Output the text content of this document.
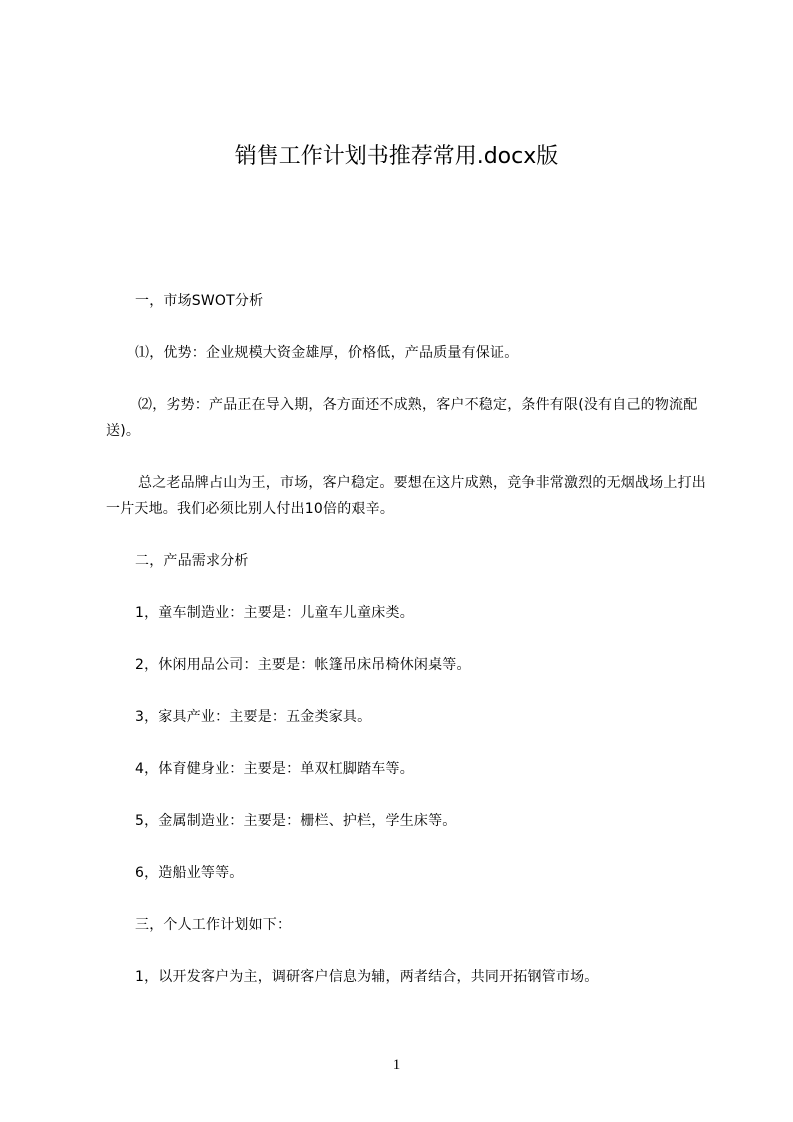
销售工作计划书推荐常用.docx版

一，市场SWOT分析

⑴，优势：企业规模大资金雄厚，价格低，产品质量有保证。

⑵，劣势：产品正在导入期，各方面还不成熟，客户不稳定，条件有限(没有自己的物流配送)。

总之老品牌占山为王，市场，客户稳定。要想在这片成熟，竞争非常激烈的无烟战场上打出一片天地。我们必须比别人付出10倍的艰辛。

二，产品需求分析

1，童车制造业：主要是：儿童车儿童床类。

2，休闲用品公司：主要是：帐篷吊床吊椅休闲桌等。

3，家具产业：主要是：五金类家具。

4，体育健身业：主要是：单双杠脚踏车等。

5，金属制造业：主要是：栅栏、护栏，学生床等。

6，造船业等等。

三，个人工作计划如下：

1，以开发客户为主，调研客户信息为辅，两者结合，共同开拓钢管市场。

1
